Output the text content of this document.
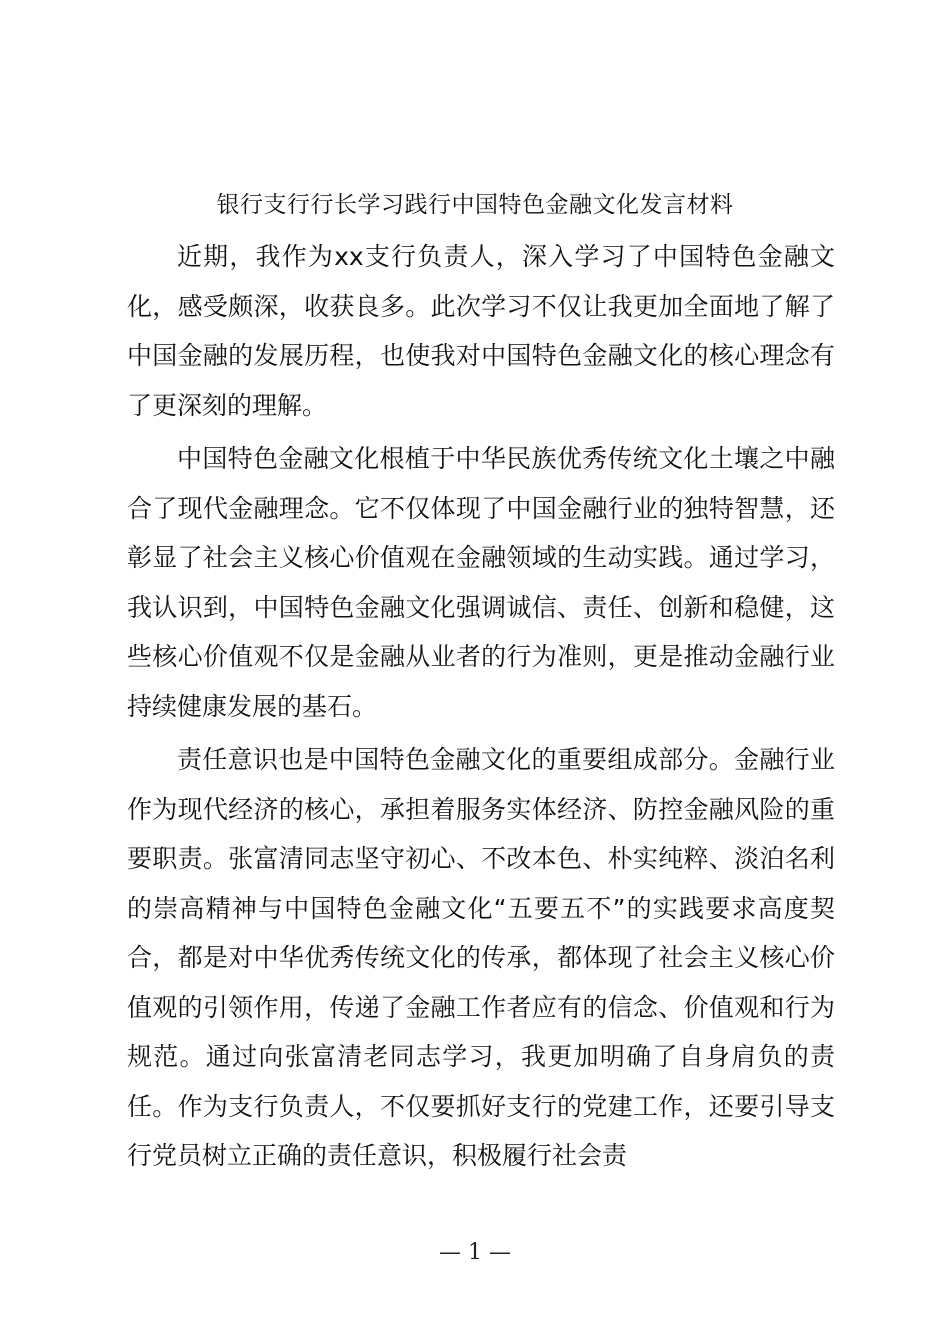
银行支行行长学习践行中国特色金融文化发言材料

近期，我作为xx支行负责人，深入学习了中国特色金融文化，感受颇深，收获良多。此次学习不仅让我更加全面地了解了中国金融的发展历程，也使我对中国特色金融文化的核心理念有了更深刻的理解。

中国特色金融文化根植于中华民族优秀传统文化土壤之中融合了现代金融理念。它不仅体现了中国金融行业的独特智慧，还彰显了社会主义核心价值观在金融领域的生动实践。通过学习，我认识到，中国特色金融文化强调诚信、责任、创新和稳健，这些核心价值观不仅是金融从业者的行为准则，更是推动金融行业持续健康发展的基石。

责任意识也是中国特色金融文化的重要组成部分。金融行业作为现代经济的核心，承担着服务实体经济、防控金融风险的重要职责。张富清同志坚守初心、不改本色、朴实纯粹、淡泊名利的崇高精神与中国特色金融文化“五要五不”的实践要求高度契合，都是对中华优秀传统文化的传承，都体现了社会主义核心价值观的引领作用，传递了金融工作者应有的信念、价值观和行为规范。通过向张富清老同志学习，我更加明确了自身肩负的责任。作为支行负责人，不仅要抓好支行的党建工作，还要引导支行党员树立正确的责任意识，积极履行社会责

— 1 —
